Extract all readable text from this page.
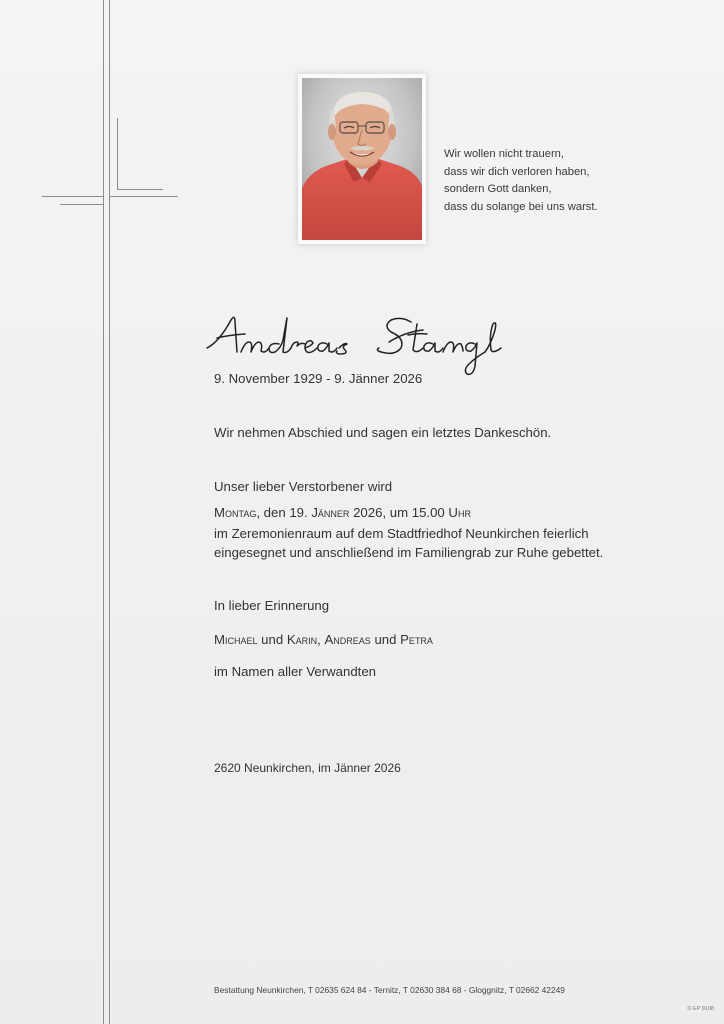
Wir wollen nicht trauern,
dass wir dich verloren haben,
sondern Gott danken,
dass du solange bei uns warst.
9. November 1929 - 9. Jänner 2026
Wir nehmen Abschied und sagen ein letztes Dankeschön.
Unser lieber Verstorbener wird
Montag, den 19. Jänner 2026, um 15.00 Uhr
im Zeremonienraum auf dem Stadtfriedhof Neunkirchen feierlich
eingesegnet und anschließend im Familiengrab zur Ruhe gebettet.
In lieber Erinnerung
Michael und Karin, Andreas und Petra
im Namen aller Verwandten
2620 Neunkirchen, im Jänner 2026
Bestattung Neunkirchen, T 02635 624 84 - Ternitz, T 02630 384 68 - Gloggnitz, T 02662 42249
© EP 9108
